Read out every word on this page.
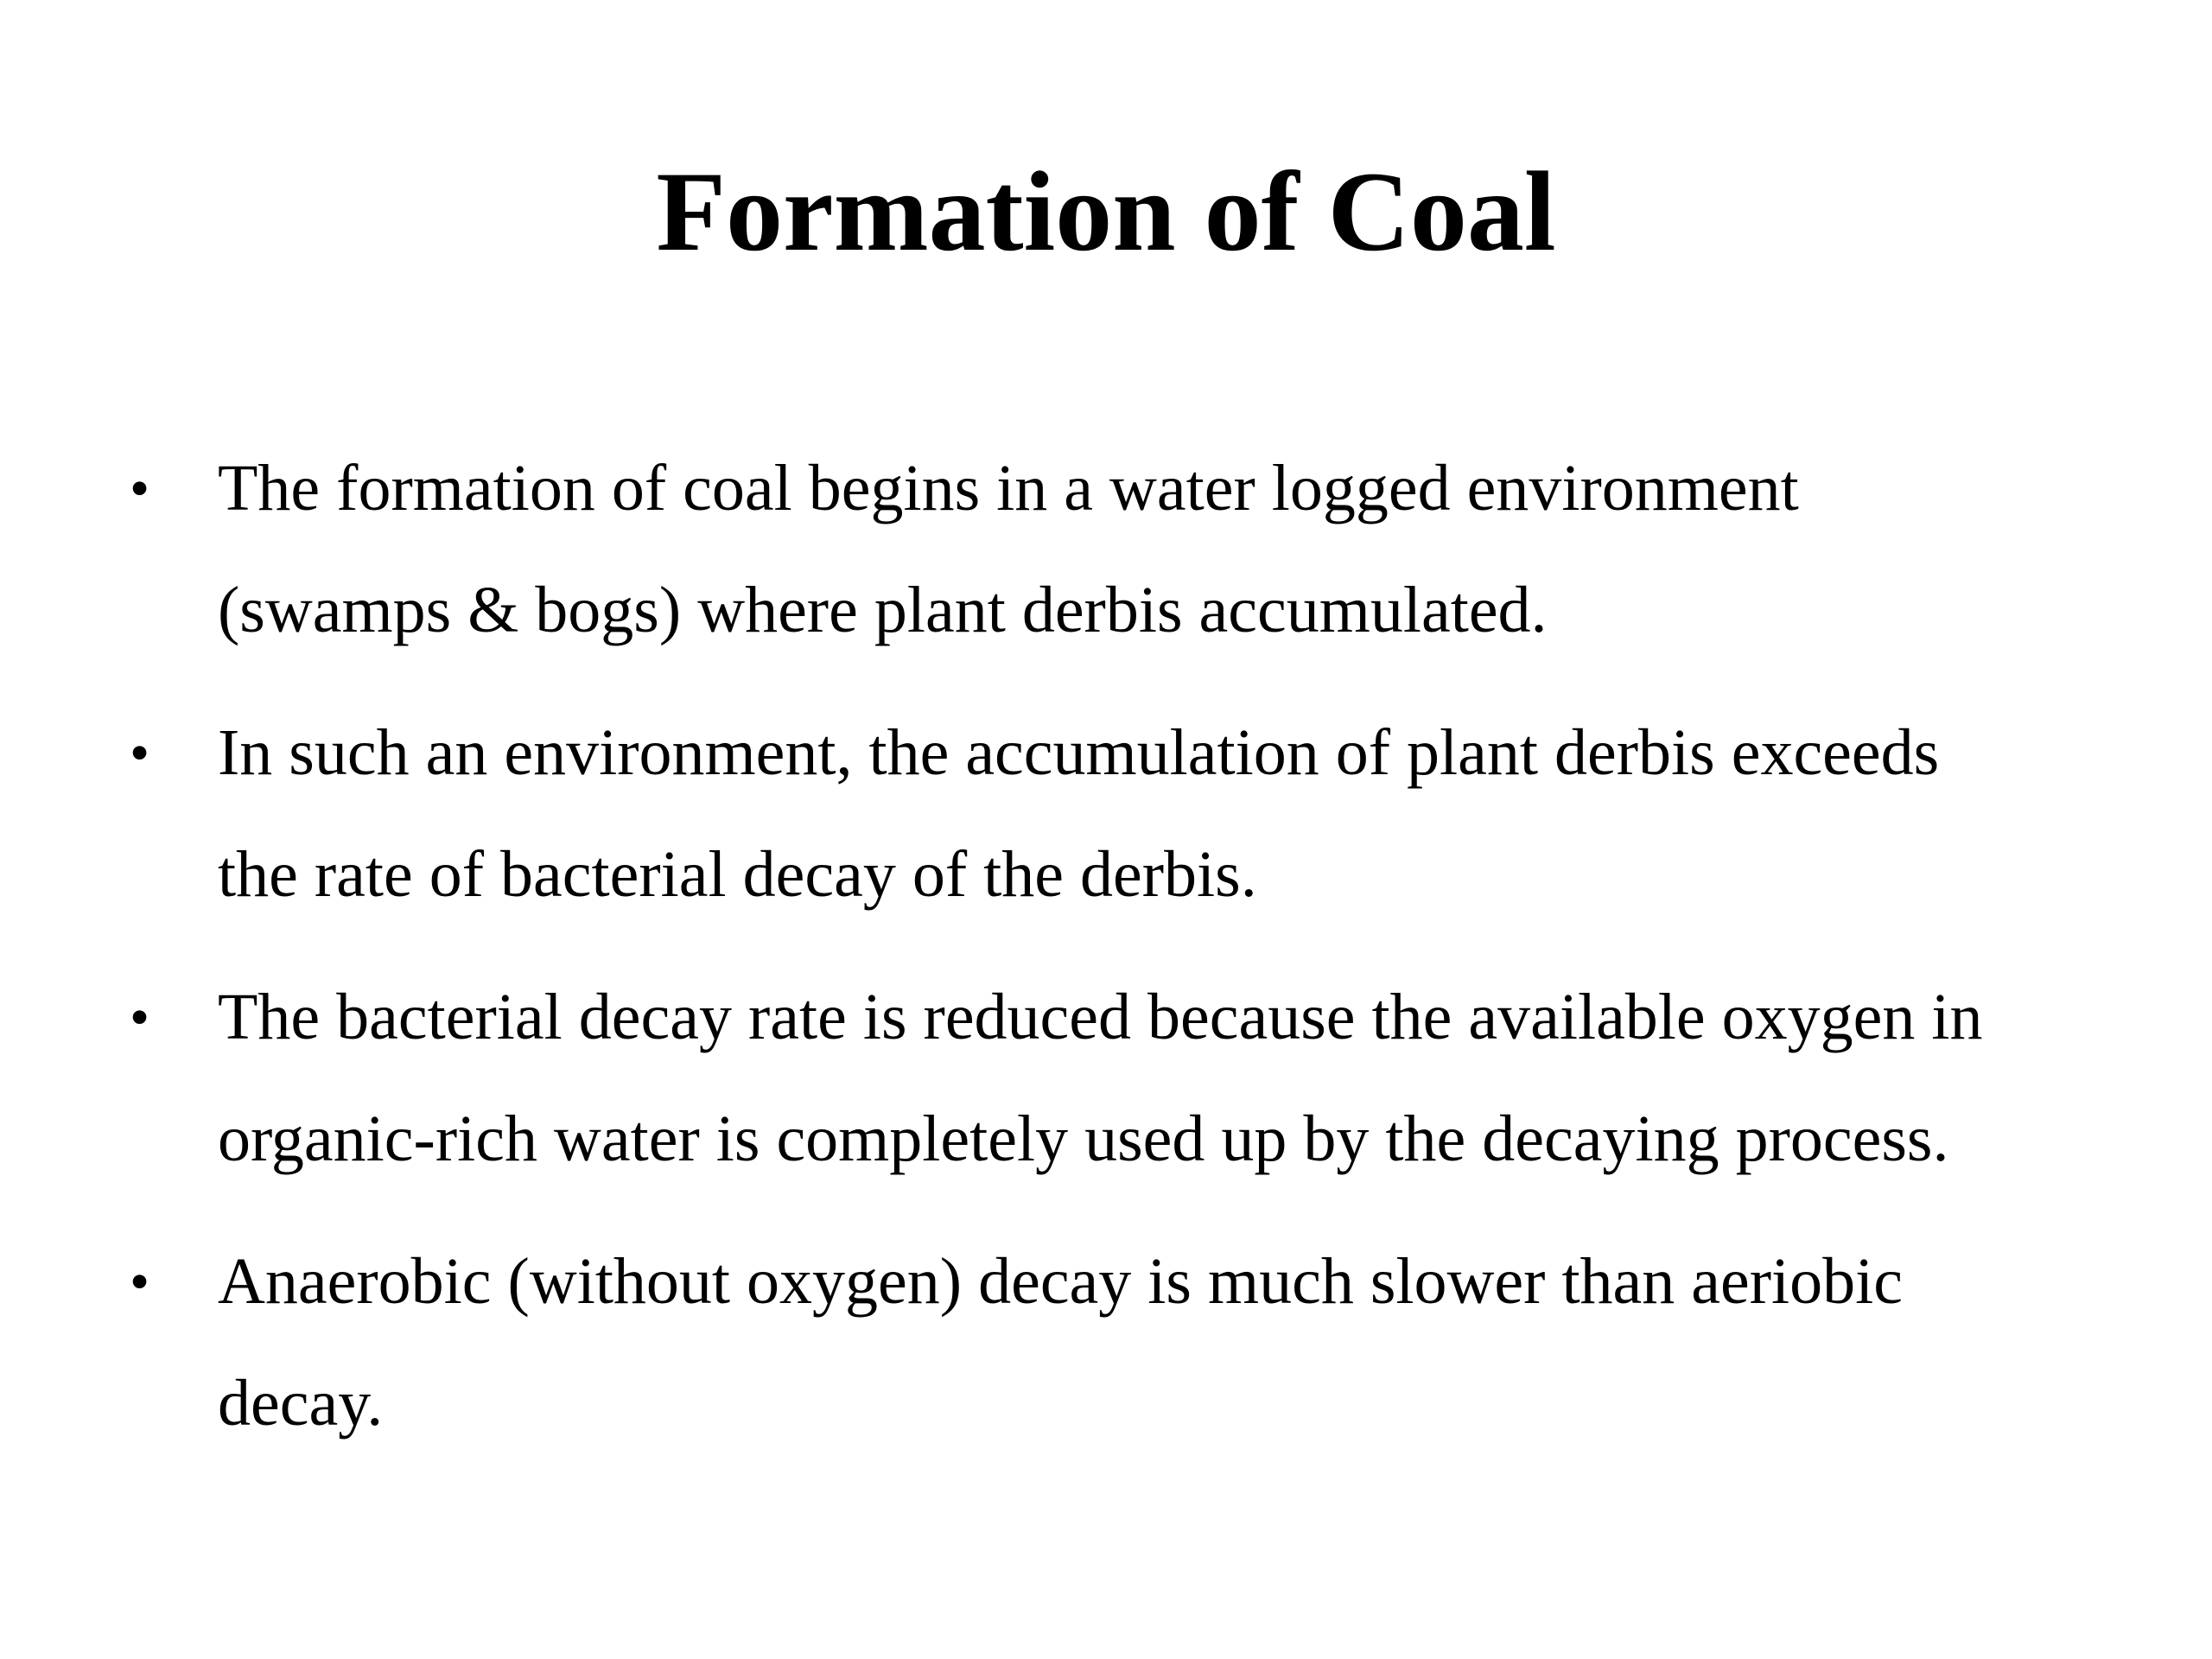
Formation of Coal
• The formation of coal begins in a water logged environment
(swamps & bogs) where plant derbis accumulated.
• In such an environment, the accumulation of plant derbis exceeds
the rate of bacterial decay of the derbis.
• The bacterial decay rate is reduced because the available oxygen in
organic-rich water is completely used up by the decaying process.
• Anaerobic (without oxygen) decay is much slower than aeriobic
decay.
